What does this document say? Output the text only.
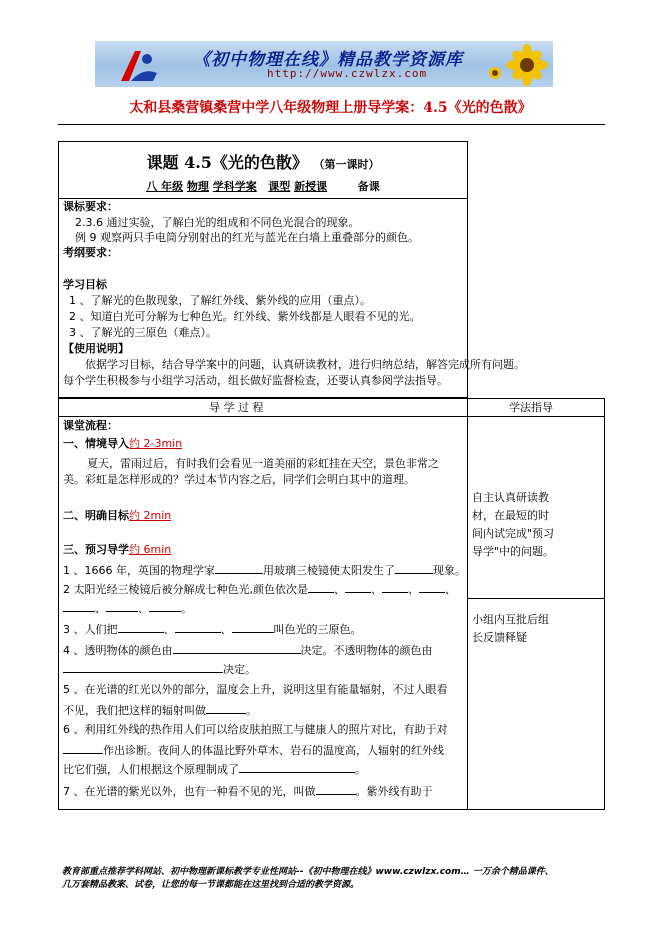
《初中物理在线》精品教学资源库
http://www.czwlzx.com
太和县桑营镇桑营中学八年级物理上册导学案：4.5《光的色散》
课题 4.5《光的色散》 （第一课时）
八 年级 物理 学科学案 课型 新授课	备课
课标要求：
2.3.6 通过实验，了解白光的组成和不同色光混合的现象。
例 9 观察两只手电筒分别射出的红光与蓝光在白墙上重叠部分的颜色。
考纲要求：
学习目标
1 、了解光的色散现象，了解红外线、紫外线的应用（重点）。
2 、知道白光可分解为七种色光。红外线、紫外线都是人眼看不见的光。
3 、了解光的三原色（难点）。
【使用说明】
依据学习目标，结合导学案中的问题，认真研读教材，进行归纳总结，解答完成所有问题。
每个学生积极参与小组学习活动，组长做好监督检查，还要认真参阅学法指导。
导 学 过 程	学法指导
课堂流程：
一、情境导入约 2-3min
夏天，雷雨过后，有时我们会看见一道美丽的彩虹挂在天空，景色非常之
美。彩虹是怎样形成的？学过本节内容之后，同学们会明白其中的道理。
二、明确目标约 2min
三、预习导学约 6min
1 、1666 年，英国的物理学家	用玻璃三棱镜使太阳发生了	现象。
2 太阳光经三棱镜后被分解成七种色光,颜色依次是 、 、 、 、
、	、	。
3 、人们把	、	、	叫色光的三原色。
4 、透明物体的颜色由	决定。不透明物体的颜色由
决定。
5 、在光谱的红光以外的部分，温度会上升，说明这里有能量辐射，不过人眼看
不见，我们把这样的辐射叫做	。
6 、利用红外线的热作用人们可以给皮肤拍照工与健康人的照片对比，有助于对
作出诊断。夜间人的体温比野外草木、岩石的温度高，人辐射的红外线
比它们强，人们根据这个原理制成了	。
7 、在光谱的紫光以外，也有一种看不见的光，叫做	。紫外线有助于
自主认真研读教
材，在最短的时
间内试完成"预习
导学"中的问题。
小组内互批后组
长反馈释疑
教育部重点推荐学科网站、初中物理新课标教学专业性网站--《初中物理在线》www.czwlzx.com… 一万余个精品课件、
几万套精品教案、试卷，让您的每一节课都能在这里找到合适的教学资源。
